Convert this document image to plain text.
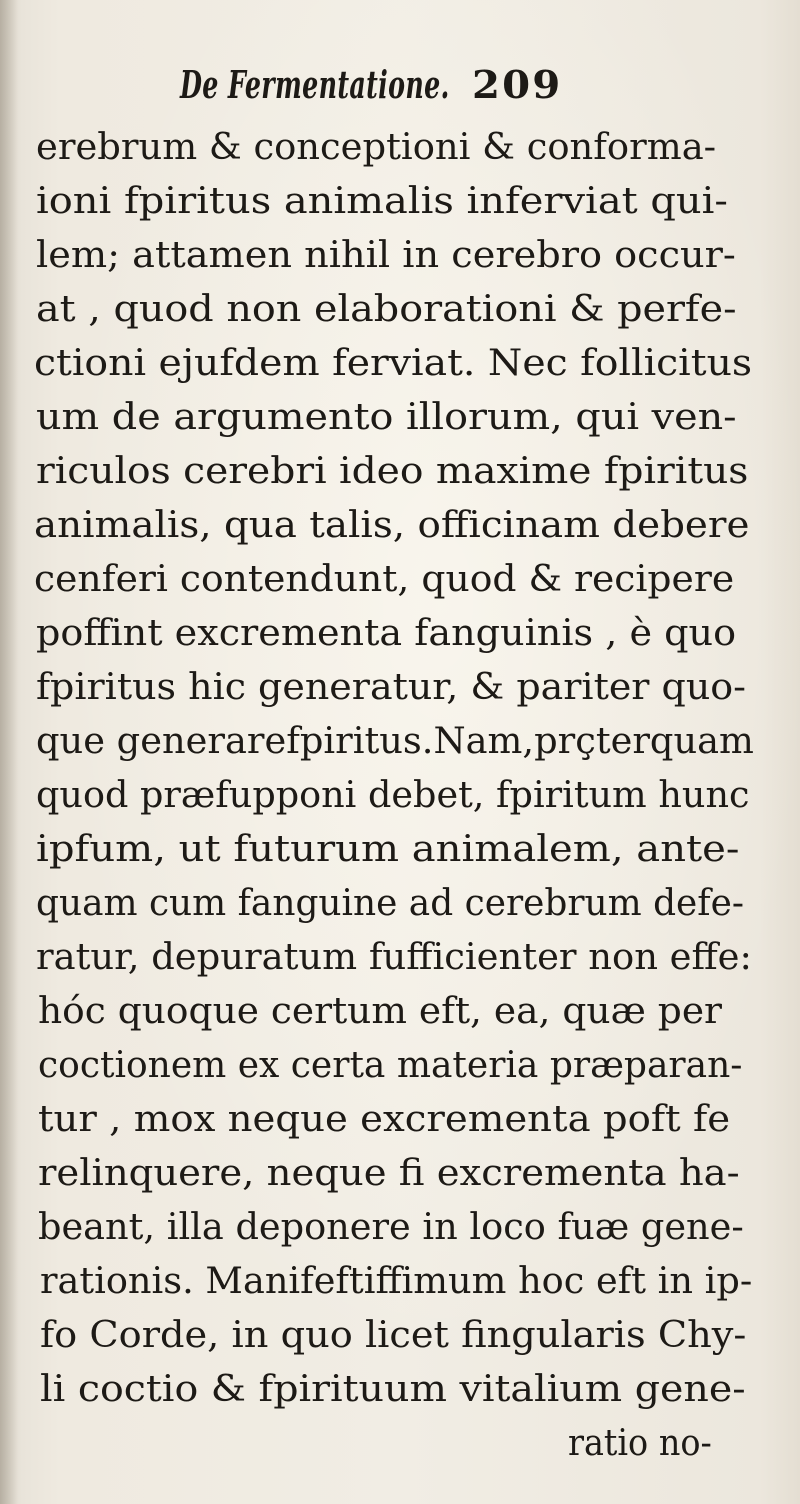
De Fermentatione. 209
erebrum & conceptioni & conforma-
ioni fpiritus animalis inferviat qui-
lem; attamen nihil in cerebro occur-
at , quod non elaborationi & perfe-
ctioni ejufdem ferviat. Nec follicitus
um de argumento illorum, qui ven-
riculos cerebri ideo maxime fpiritus
animalis, qua talis, officinam debere
cenferi contendunt, quod & recipere
poffint excrementa fanguinis , è quo
fpiritus hic generatur, & pariter quo-
que generarefpiritus.Nam,prçterquam
quod præfupponi debet, fpiritum hunc
ipfum, ut futurum animalem, ante-
quam cum fanguine ad cerebrum defe-
ratur, depuratum fufficienter non effe:
hóc quoque certum eft, ea, quæ per
coctionem ex certa materia præparan-
tur , mox neque excrementa poft fe
relinquere, neque fi excrementa ha-
beant, illa deponere in loco fuæ gene-
rationis. Manifeftiffimum hoc eft in ip-
fo Corde, in quo licet fingularis Chy-
li coctio & fpirituum vitalium gene-
ratio no-
